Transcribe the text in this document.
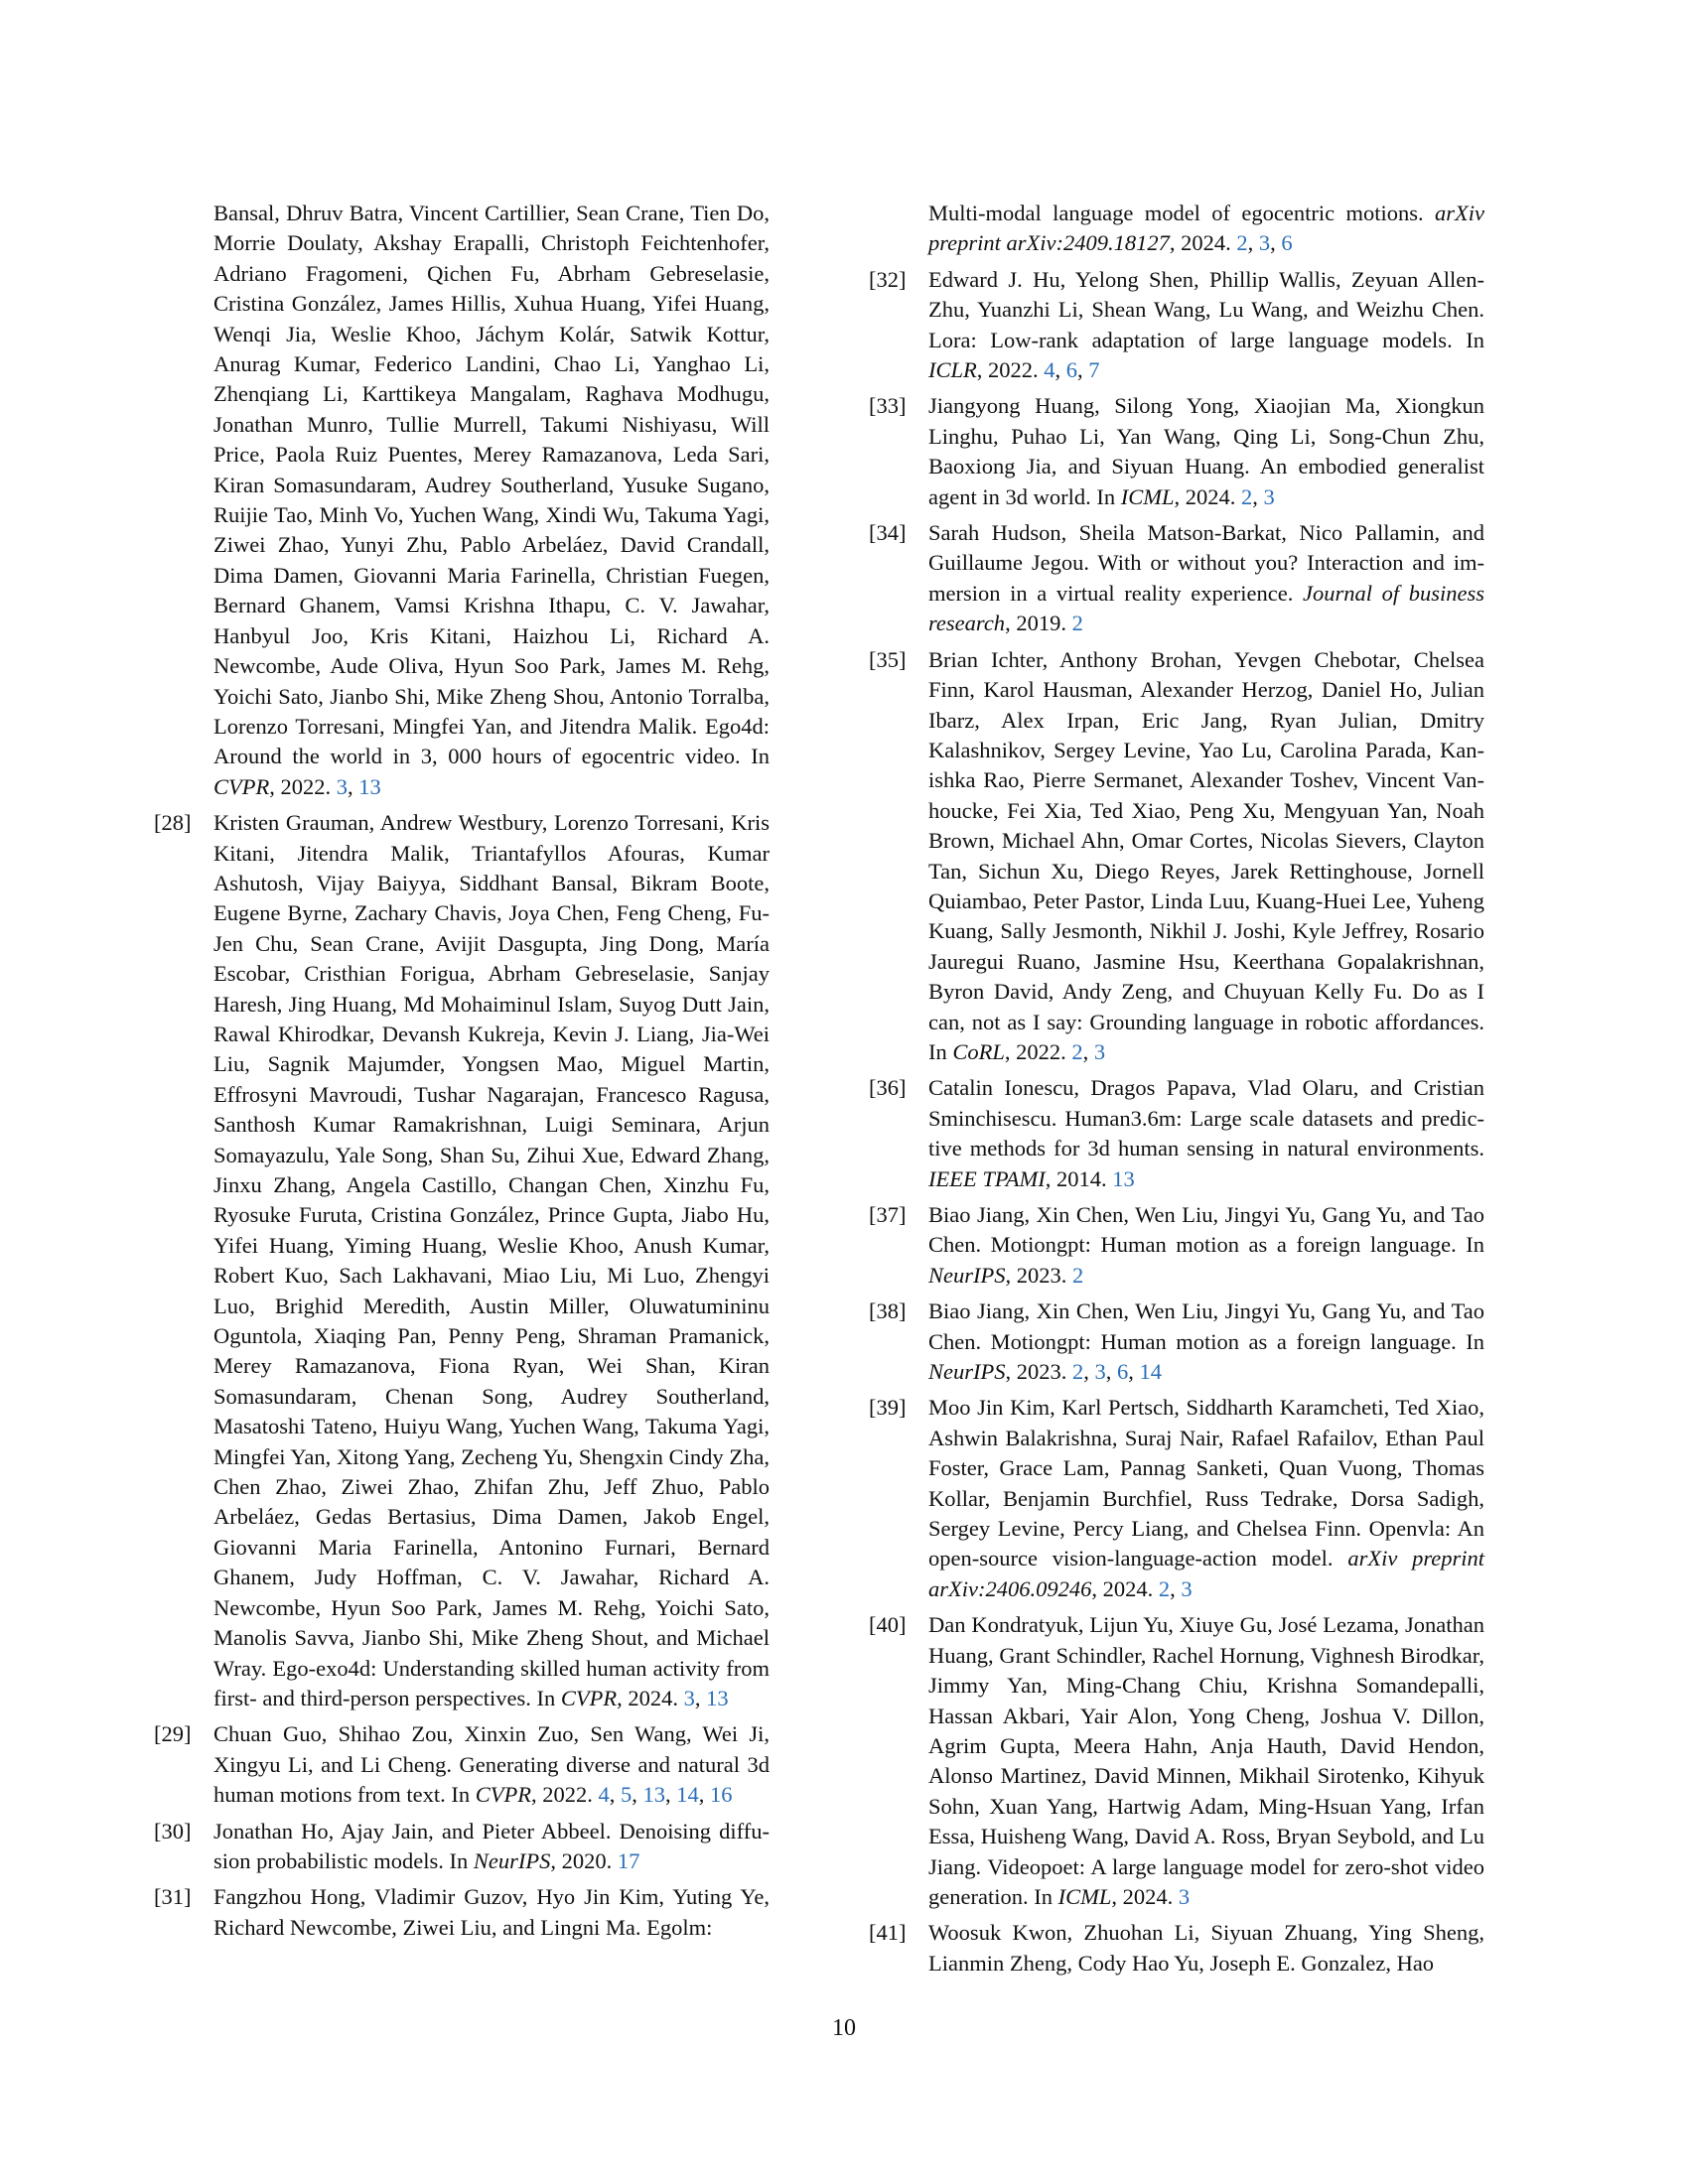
Bansal, Dhruv Batra, Vincent Cartillier, Sean Crane, Tien Do, Morrie Doulaty, Akshay Erapalli, Christoph Feichtenhofer, Adriano Fragomeni, Qichen Fu, Abrham Gebreselasie, Cristina González, James Hillis, Xuhua Huang, Yifei Huang, Wenqi Jia, Weslie Khoo, Jáchym Kolár, Satwik Kottur, Anurag Kumar, Federico Landini, Chao Li, Yanghao Li, Zhenqiang Li, Karttikeya Mangalam, Raghava Modhugu, Jonathan Munro, Tullie Murrell, Takumi Nishiyasu, Will Price, Paola Ruiz Puentes, Merey Ramazanova, Leda Sari, Kiran Somasundaram, Audrey Southerland, Yusuke Sugano, Ruijie Tao, Minh Vo, Yuchen Wang, Xindi Wu, Takuma Yagi, Ziwei Zhao, Yunyi Zhu, Pablo Arbeláez, David Crandall, Dima Damen, Giovanni Maria Farinella, Christian Fuegen, Bernard Ghanem, Vamsi Krishna Ithapu, C. V. Jawahar, Hanbyul Joo, Kris Kitani, Haizhou Li, Richard A. Newcombe, Aude Oliva, Hyun Soo Park, James M. Rehg, Yoichi Sato, Jianbo Shi, Mike Zheng Shou, Antonio Torralba, Lorenzo Torresani, Mingfei Yan, and Jitendra Malik. Ego4d: Around the world in 3, 000 hours of egocentric video. In CVPR, 2022. 3, 13
[28] Kristen Grauman, Andrew Westbury, Lorenzo Torresani, Kris Kitani, Jitendra Malik, Triantafyllos Afouras, Kumar Ashutosh, Vijay Baiyya, Siddhant Bansal, Bikram Boote, Eugene Byrne, Zachary Chavis, Joya Chen, Feng Cheng, Fu-Jen Chu, Sean Crane, Avijit Dasgupta, Jing Dong, María Escobar, Cristhian Forigua, Abrham Gebreselasie, Sanjay Haresh, Jing Huang, Md Mohaiminul Islam, Suyog Dutt Jain, Rawal Khirodkar, Devansh Kukreja, Kevin J. Liang, Jia-Wei Liu, Sagnik Majumder, Yongsen Mao, Miguel Martin, Effrosyni Mavroudi, Tushar Nagarajan, Francesco Ragusa, Santhosh Kumar Ramakrishnan, Luigi Seminara, Arjun Somayazulu, Yale Song, Shan Su, Zihui Xue, Edward Zhang, Jinxu Zhang, Angela Castillo, Changan Chen, Xinzhu Fu, Ryosuke Furuta, Cristina González, Prince Gupta, Jiabo Hu, Yifei Huang, Yiming Huang, Weslie Khoo, Anush Kumar, Robert Kuo, Sach Lakhavani, Miao Liu, Mi Luo, Zhengyi Luo, Brighid Meredith, Austin Miller, Oluwatumininu Oguntola, Xiaqing Pan, Penny Peng, Shraman Pramanick, Merey Ramazanova, Fiona Ryan, Wei Shan, Kiran Somasundaram, Chenan Song, Audrey Southerland, Masatoshi Tateno, Huiyu Wang, Yuchen Wang, Takuma Yagi, Mingfei Yan, Xitong Yang, Zecheng Yu, Shengxin Cindy Zha, Chen Zhao, Ziwei Zhao, Zhifan Zhu, Jeff Zhuo, Pablo Arbeláez, Gedas Bertasius, Dima Damen, Jakob Engel, Giovanni Maria Farinella, Antonino Furnari, Bernard Ghanem, Judy Hoffman, C. V. Jawahar, Richard A. Newcombe, Hyun Soo Park, James M. Rehg, Yoichi Sato, Manolis Savva, Jianbo Shi, Mike Zheng Shout, and Michael Wray. Ego-exo4d: Understanding skilled human activity from first- and third-person perspectives. In CVPR, 2024. 3, 13
[29] Chuan Guo, Shihao Zou, Xinxin Zuo, Sen Wang, Wei Ji, Xingyu Li, and Li Cheng. Generating diverse and natural 3d human motions from text. In CVPR, 2022. 4, 5, 13, 14, 16
[30] Jonathan Ho, Ajay Jain, and Pieter Abbeel. Denoising diffusion probabilistic models. In NeurIPS, 2020. 17
[31] Fangzhou Hong, Vladimir Guzov, Hyo Jin Kim, Yuting Ye, Richard Newcombe, Ziwei Liu, and Lingni Ma. Egolm:
Multi-modal language model of egocentric motions. arXiv preprint arXiv:2409.18127, 2024. 2, 3, 6
[32] Edward J. Hu, Yelong Shen, Phillip Wallis, Zeyuan Allen-Zhu, Yuanzhi Li, Shean Wang, Lu Wang, and Weizhu Chen. Lora: Low-rank adaptation of large language models. In ICLR, 2022. 4, 6, 7
[33] Jiangyong Huang, Silong Yong, Xiaojian Ma, Xiongkun Linghu, Puhao Li, Yan Wang, Qing Li, Song-Chun Zhu, Baoxiong Jia, and Siyuan Huang. An embodied generalist agent in 3d world. In ICML, 2024. 2, 3
[34] Sarah Hudson, Sheila Matson-Barkat, Nico Pallamin, and Guillaume Jegou. With or without you? Interaction and immersion in a virtual reality experience. Journal of business research, 2019. 2
[35] Brian Ichter, Anthony Brohan, Yevgen Chebotar, Chelsea Finn, Karol Hausman, Alexander Herzog, Daniel Ho, Julian Ibarz, Alex Irpan, Eric Jang, Ryan Julian, Dmitry Kalashnikov, Sergey Levine, Yao Lu, Carolina Parada, Kanishka Rao, Pierre Sermanet, Alexander Toshev, Vincent Vanhoucke, Fei Xia, Ted Xiao, Peng Xu, Mengyuan Yan, Noah Brown, Michael Ahn, Omar Cortes, Nicolas Sievers, Clayton Tan, Sichun Xu, Diego Reyes, Jarek Rettinghouse, Jornell Quiambao, Peter Pastor, Linda Luu, Kuang-Huei Lee, Yuheng Kuang, Sally Jesmonth, Nikhil J. Joshi, Kyle Jeffrey, Rosario Jauregui Ruano, Jasmine Hsu, Keerthana Gopalakrishnan, Byron David, Andy Zeng, and Chuyuan Kelly Fu. Do as I can, not as I say: Grounding language in robotic affordances. In CoRL, 2022. 2, 3
[36] Catalin Ionescu, Dragos Papava, Vlad Olaru, and Cristian Sminchisescu. Human3.6m: Large scale datasets and predictive methods for 3d human sensing in natural environments. IEEE TPAMI, 2014. 13
[37] Biao Jiang, Xin Chen, Wen Liu, Jingyi Yu, Gang Yu, and Tao Chen. Motiongpt: Human motion as a foreign language. In NeurIPS, 2023. 2
[38] Biao Jiang, Xin Chen, Wen Liu, Jingyi Yu, Gang Yu, and Tao Chen. Motiongpt: Human motion as a foreign language. In NeurIPS, 2023. 2, 3, 6, 14
[39] Moo Jin Kim, Karl Pertsch, Siddharth Karamcheti, Ted Xiao, Ashwin Balakrishna, Suraj Nair, Rafael Rafailov, Ethan Paul Foster, Grace Lam, Pannag Sanketi, Quan Vuong, Thomas Kollar, Benjamin Burchfiel, Russ Tedrake, Dorsa Sadigh, Sergey Levine, Percy Liang, and Chelsea Finn. Openvla: An open-source vision-language-action model. arXiv preprint arXiv:2406.09246, 2024. 2, 3
[40] Dan Kondratyuk, Lijun Yu, Xiuye Gu, José Lezama, Jonathan Huang, Grant Schindler, Rachel Hornung, Vighnesh Birodkar, Jimmy Yan, Ming-Chang Chiu, Krishna Somandepalli, Hassan Akbari, Yair Alon, Yong Cheng, Joshua V. Dillon, Agrim Gupta, Meera Hahn, Anja Hauth, David Hendon, Alonso Martinez, David Minnen, Mikhail Sirotenko, Kihyuk Sohn, Xuan Yang, Hartwig Adam, Ming-Hsuan Yang, Irfan Essa, Huisheng Wang, David A. Ross, Bryan Seybold, and Lu Jiang. Videopoet: A large language model for zero-shot video generation. In ICML, 2024. 3
[41] Woosuk Kwon, Zhuohan Li, Siyuan Zhuang, Ying Sheng, Lianmin Zheng, Cody Hao Yu, Joseph E. Gonzalez, Hao
10
